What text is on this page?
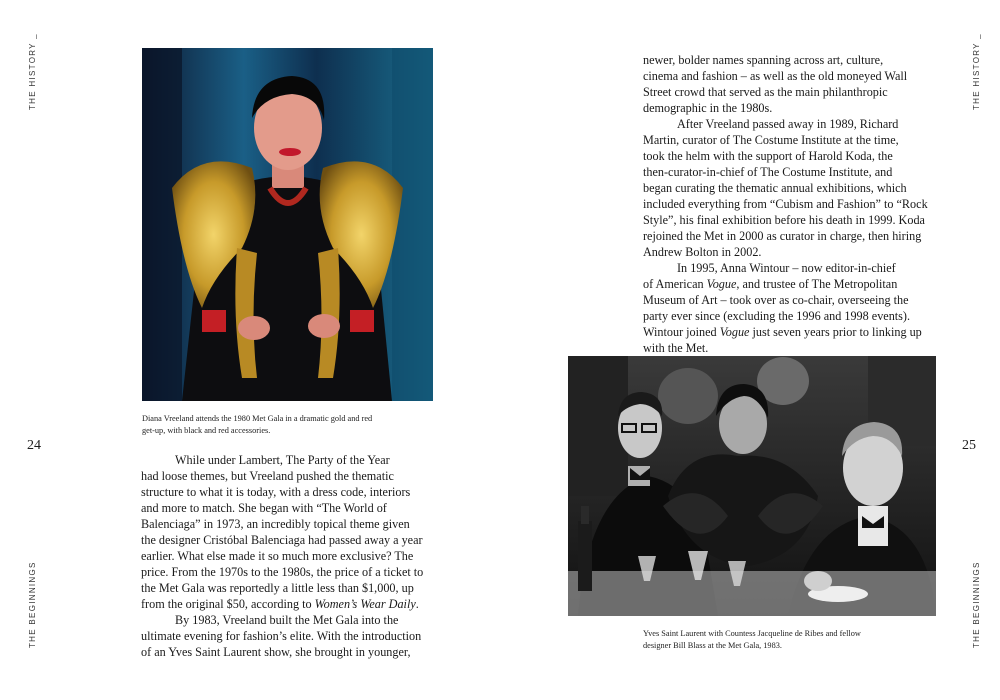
THE HISTORY _
THE BEGINNINGS
24
Diana Vreeland attends the 1980 Met Gala in a dramatic gold and red
get-up, with black and red accessories.
While under Lambert, The Party of the Year
had loose themes, but Vreeland pushed the thematic
structure to what it is today, with a dress code, interiors
and more to match. She began with “The World of
Balenciaga” in 1973, an incredibly topical theme given
the designer Cristóbal Balenciaga had passed away a year
earlier. What else made it so much more exclusive? The
price. From the 1970s to the 1980s, the price of a ticket to
the Met Gala was reportedly a little less than $1,000, up
from the original $50, according to Women’s Wear Daily.
By 1983, Vreeland built the Met Gala into the
ultimate evening for fashion’s elite. With the introduction
of an Yves Saint Laurent show, she brought in younger,
THE HISTORY _
THE BEGINNINGS
25
newer, bolder names spanning across art, culture,
cinema and fashion – as well as the old moneyed Wall
Street crowd that served as the main philanthropic
demographic in the 1980s.
After Vreeland passed away in 1989, Richard
Martin, curator of The Costume Institute at the time,
took the helm with the support of Harold Koda, the
then-curator-in-chief of The Costume Institute, and
began curating the thematic annual exhibitions, which
included everything from “Cubism and Fashion” to “Rock
Style”, his final exhibition before his death in 1999. Koda
rejoined the Met in 2000 as curator in charge, then hiring
Andrew Bolton in 2002.
In 1995, Anna Wintour – now editor-in-chief
of American Vogue, and trustee of The Metropolitan
Museum of Art – took over as co-chair, overseeing the
party ever since (excluding the 1996 and 1998 events).
Wintour joined Vogue just seven years prior to linking up
with the Met.
Yves Saint Laurent with Countess Jacqueline de Ribes and fellow
designer Bill Blass at the Met Gala, 1983.
